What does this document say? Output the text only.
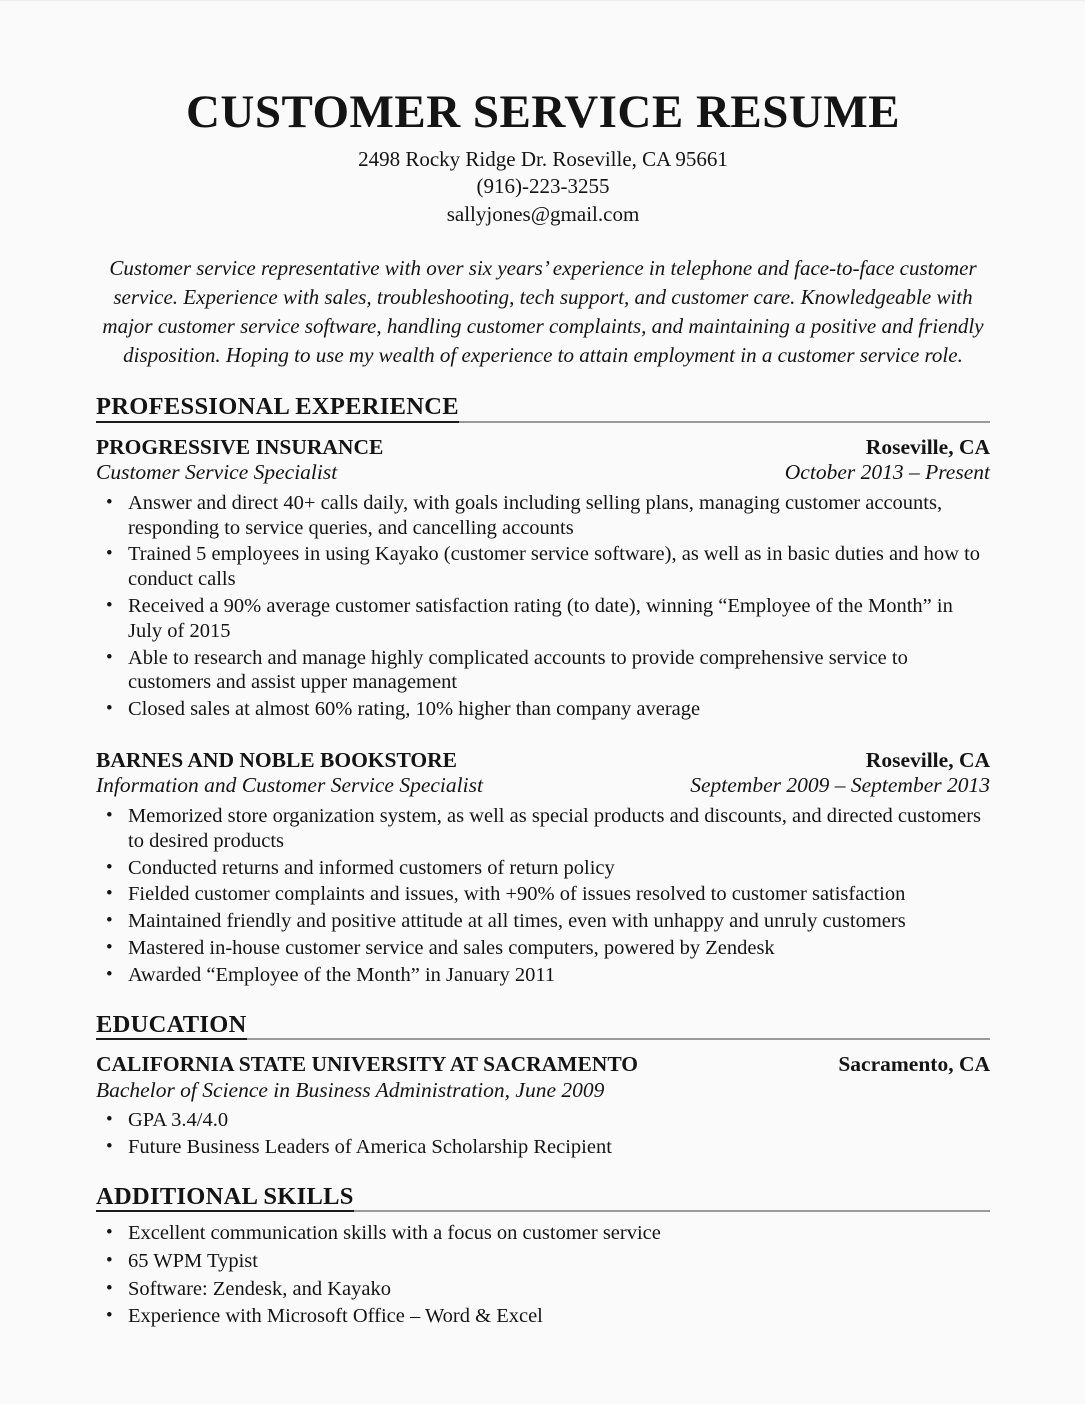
CUSTOMER SERVICE RESUME
2498 Rocky Ridge Dr. Roseville, CA 95661
(916)-223-3255
sallyjones@gmail.com

Customer service representative with over six years’ experience in telephone and face-to-face customer service. Experience with sales, troubleshooting, tech support, and customer care. Knowledgeable with major customer service software, handling customer complaints, and maintaining a positive and friendly disposition. Hoping to use my wealth of experience to attain employment in a customer service role.

PROFESSIONAL EXPERIENCE
PROGRESSIVE INSURANCE	Roseville, CA
Customer Service Specialist	October 2013 – Present
• Answer and direct 40+ calls daily, with goals including selling plans, managing customer accounts, responding to service queries, and cancelling accounts
• Trained 5 employees in using Kayako (customer service software), as well as in basic duties and how to conduct calls
• Received a 90% average customer satisfaction rating (to date), winning “Employee of the Month” in July of 2015
• Able to research and manage highly complicated accounts to provide comprehensive service to customers and assist upper management
• Closed sales at almost 60% rating, 10% higher than company average
BARNES AND NOBLE BOOKSTORE	Roseville, CA
Information and Customer Service Specialist	September 2009 – September 2013
• Memorized store organization system, as well as special products and discounts, and directed customers to desired products
• Conducted returns and informed customers of return policy
• Fielded customer complaints and issues, with +90% of issues resolved to customer satisfaction
• Maintained friendly and positive attitude at all times, even with unhappy and unruly customers
• Mastered in-house customer service and sales computers, powered by Zendesk
• Awarded “Employee of the Month” in January 2011
EDUCATION
CALIFORNIA STATE UNIVERSITY AT SACRAMENTO	Sacramento, CA
Bachelor of Science in Business Administration, June 2009
• GPA 3.4/4.0
• Future Business Leaders of America Scholarship Recipient
ADDITIONAL SKILLS
• Excellent communication skills with a focus on customer service
• 65 WPM Typist
• Software: Zendesk, and Kayako
• Experience with Microsoft Office – Word & Excel
